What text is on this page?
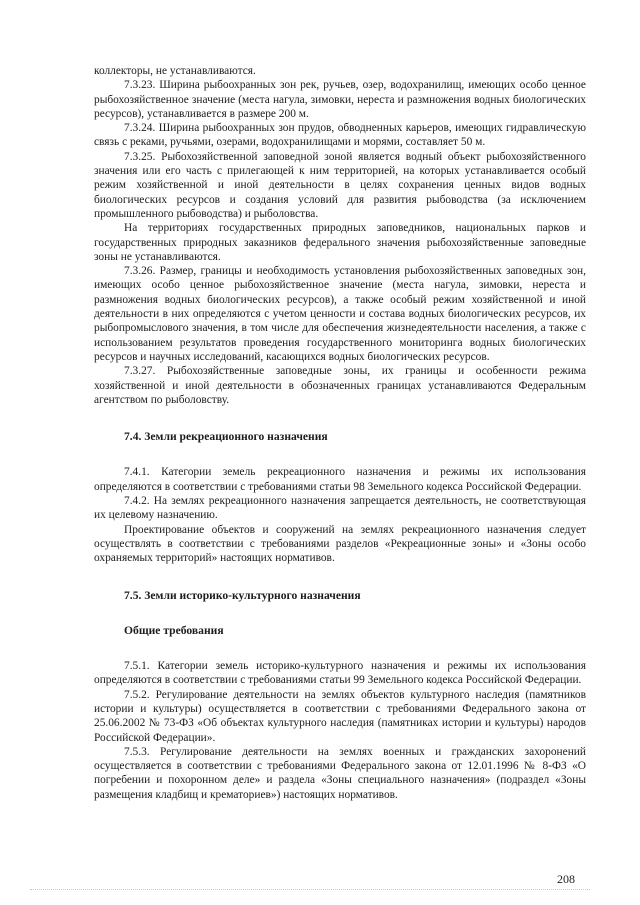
коллекторы, не устанавливаются.

7.3.23. Ширина рыбоохранных зон рек, ручьев, озер, водохранилищ, имеющих особо ценное рыбохозяйственное значение (места нагула, зимовки, нереста и размножения водных биологических ресурсов), устанавливается в размере 200 м.

7.3.24. Ширина рыбоохранных зон прудов, обводненных карьеров, имеющих гидравлическую связь с реками, ручьями, озерами, водохранилищами и морями, составляет 50 м.

7.3.25. Рыбохозяйственной заповедной зоной является водный объект рыбохозяйственного значения или его часть с прилегающей к ним территорией, на которых устанавливается особый режим хозяйственной и иной деятельности в целях сохранения ценных видов водных биологических ресурсов и создания условий для развития рыбоводства (за исключением промышленного рыбоводства) и рыболовства.

На территориях государственных природных заповедников, национальных парков и государственных природных заказников федерального значения рыбохозяйственные заповедные зоны не устанавливаются.

7.3.26. Размер, границы и необходимость установления рыбохозяйственных заповедных зон, имеющих особо ценное рыбохозяйственное значение (места нагула, зимовки, нереста и размножения водных биологических ресурсов), а также особый режим хозяйственной и иной деятельности в них определяются с учетом ценности и состава водных биологических ресурсов, их рыбопромыслового значения, в том числе для обеспечения жизнедеятельности населения, а также с использованием результатов проведения государственного мониторинга водных биологических ресурсов и научных исследований, касающихся водных биологических ресурсов.

7.3.27. Рыбохозяйственные заповедные зоны, их границы и особенности режима хозяйственной и иной деятельности в обозначенных границах устанавливаются Федеральным агентством по рыболовству.

7.4. Земли рекреационного назначения

7.4.1. Категории земель рекреационного назначения и режимы их использования определяются в соответствии с требованиями статьи 98 Земельного кодекса Российской Федерации.

7.4.2. На землях рекреационного назначения запрещается деятельность, не соответствующая их целевому назначению.

Проектирование объектов и сооружений на землях рекреационного назначения следует осуществлять в соответствии с требованиями разделов «Рекреационные зоны» и «Зоны особо охраняемых территорий» настоящих нормативов.

7.5. Земли историко-культурного назначения
Общие требования

7.5.1. Категории земель историко-культурного назначения и режимы их использования определяются в соответствии с требованиями статьи 99 Земельного кодекса Российской Федерации.

7.5.2. Регулирование деятельности на землях объектов культурного наследия (памятников истории и культуры) осуществляется в соответствии с требованиями Федерального закона от 25.06.2002 № 73-ФЗ «Об объектах культурного наследия (памятниках истории и культуры) народов Российской Федерации».

7.5.3. Регулирование деятельности на землях военных и гражданских захоронений осуществляется в соответствии с требованиями Федерального закона от 12.01.1996 № 8-ФЗ «О погребении и похоронном деле» и раздела «Зоны специального назначения» (подраздел «Зоны размещения кладбищ и крематориев») настоящих нормативов.

208
